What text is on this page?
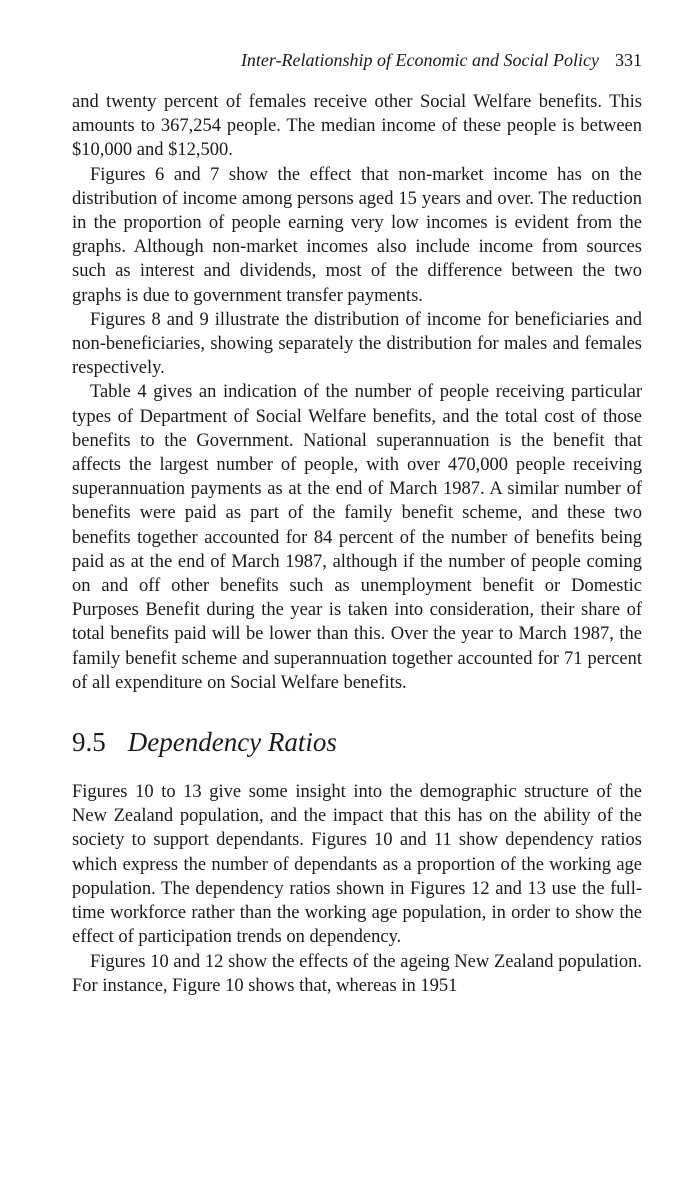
Inter-Relationship of Economic and Social Policy 331

and twenty percent of females receive other Social Welfare benefits. This amounts to 367,254 people. The median income of these people is between $10,000 and $12,500.

Figures 6 and 7 show the effect that non-market income has on the distribution of income among persons aged 15 years and over. The reduction in the proportion of people earning very low incomes is evident from the graphs. Although non-market incomes also include income from sources such as interest and dividends, most of the difference between the two graphs is due to government transfer payments.

Figures 8 and 9 illustrate the distribution of income for beneficiaries and non-beneficiaries, showing separately the distribution for males and females respectively.

Table 4 gives an indication of the number of people receiving particular types of Department of Social Welfare benefits, and the total cost of those benefits to the Government. National superannuation is the benefit that affects the largest number of people, with over 470,000 people receiving superannuation payments as at the end of March 1987. A similar number of benefits were paid as part of the family benefit scheme, and these two benefits together accounted for 84 percent of the number of benefits being paid as at the end of March 1987, although if the number of people coming on and off other benefits such as unemployment benefit or Domestic Purposes Benefit during the year is taken into consideration, their share of total benefits paid will be lower than this. Over the year to March 1987, the family benefit scheme and superannuation together accounted for 71 percent of all expenditure on Social Welfare benefits.

9.5 Dependency Ratios

Figures 10 to 13 give some insight into the demographic structure of the New Zealand population, and the impact that this has on the ability of the society to support dependants. Figures 10 and 11 show dependency ratios which express the number of dependants as a proportion of the working age population. The dependency ratios shown in Figures 12 and 13 use the full-time workforce rather than the working age population, in order to show the effect of participation trends on dependency.

Figures 10 and 12 show the effects of the ageing New Zealand population. For instance, Figure 10 shows that, whereas in 1951
